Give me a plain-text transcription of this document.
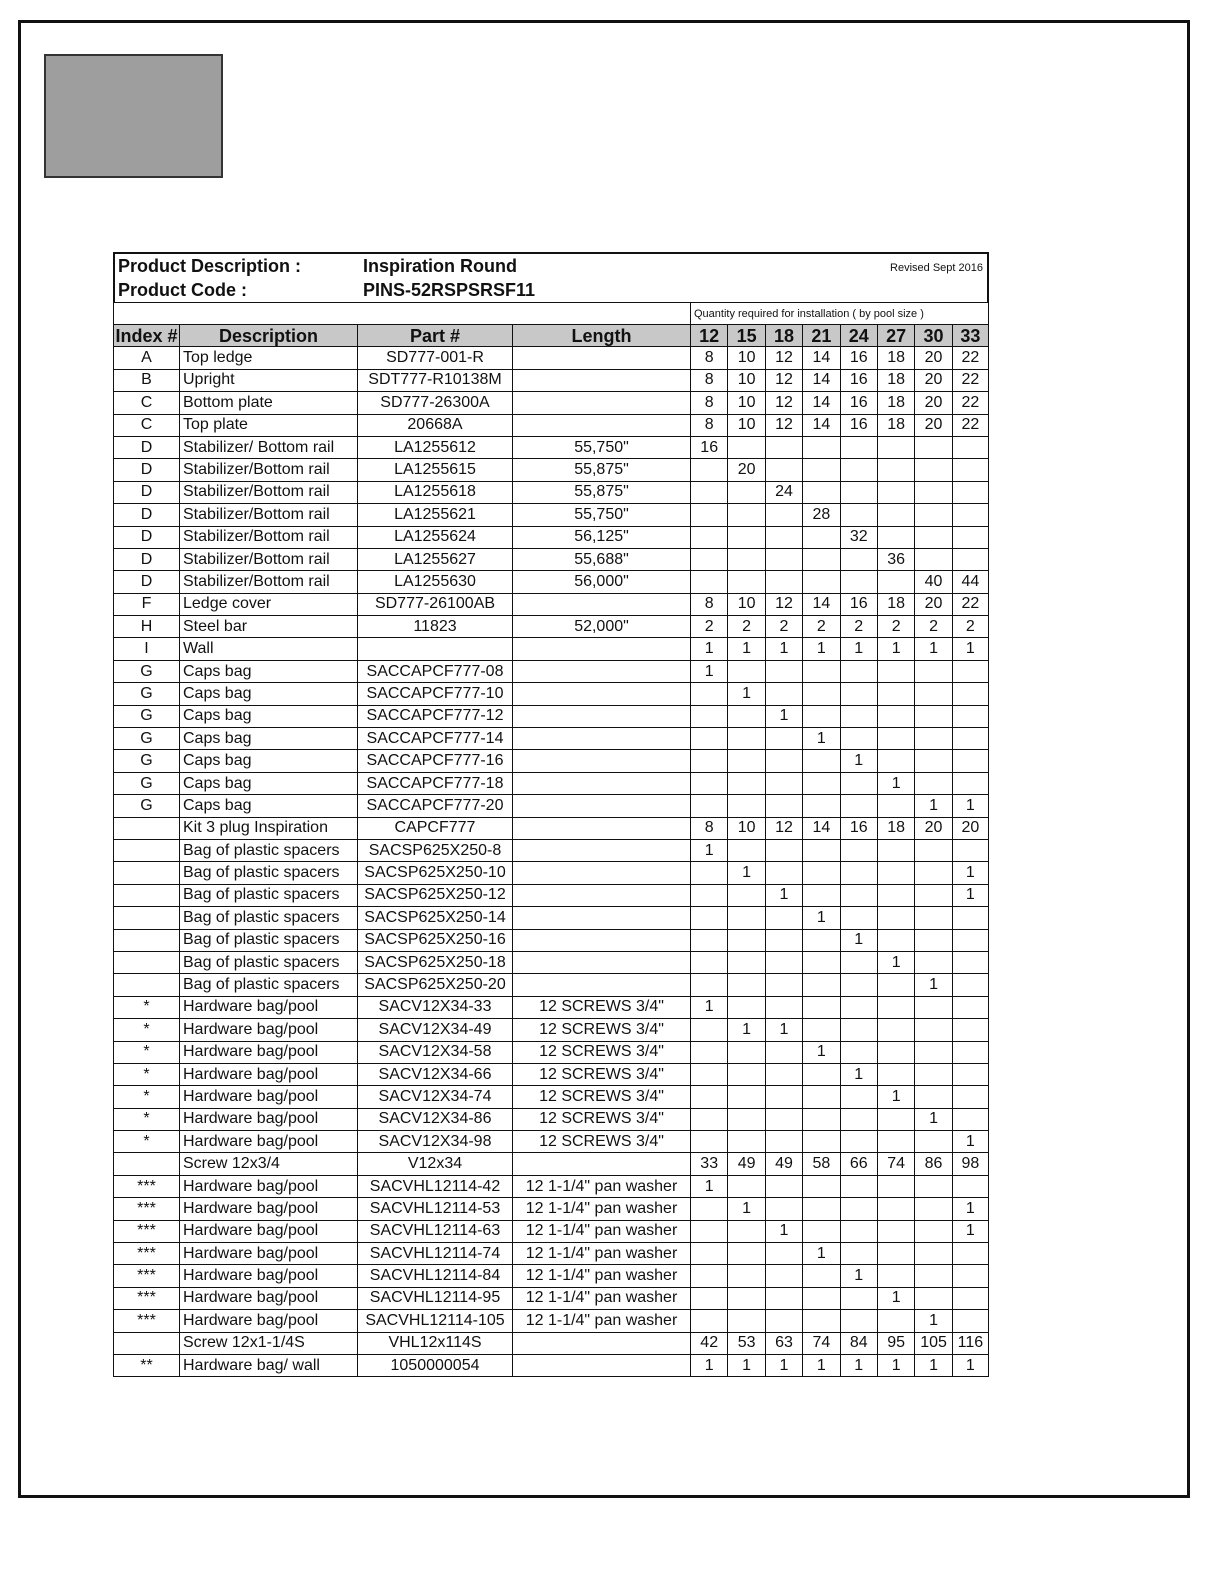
Product Description :	Inspiration Round	Revised Sept 2016
Product Code :	PINS-52RSPSRSF11
				Quantity required for installation ( by pool size )							
Index #	Description	Part #	Length	12	15	18	21	24	27	30	33
A	Top ledge	SD777-001-R		8	10	12	14	16	18	20	22
B	Upright	SDT777-R10138M		8	10	12	14	16	18	20	22
C	Bottom plate	SD777-26300A		8	10	12	14	16	18	20	22
C	Top plate	20668A		8	10	12	14	16	18	20	22
D	Stabilizer/ Bottom rail	LA1255612	55,750"	16							
D	Stabilizer/Bottom rail	LA1255615	55,875"		20						
D	Stabilizer/Bottom rail	LA1255618	55,875"			24					
D	Stabilizer/Bottom rail	LA1255621	55,750"				28				
D	Stabilizer/Bottom rail	LA1255624	56,125"					32			
D	Stabilizer/Bottom rail	LA1255627	55,688"						36		
D	Stabilizer/Bottom rail	LA1255630	56,000"							40	44
F	Ledge cover	SD777-26100AB		8	10	12	14	16	18	20	22
H	Steel bar	11823	52,000"	2	2	2	2	2	2	2	2
I	Wall			1	1	1	1	1	1	1	1
G	Caps bag	SACCAPCF777-08		1							
G	Caps bag	SACCAPCF777-10			1						
G	Caps bag	SACCAPCF777-12				1					
G	Caps bag	SACCAPCF777-14					1				
G	Caps bag	SACCAPCF777-16						1			
G	Caps bag	SACCAPCF777-18							1		
G	Caps bag	SACCAPCF777-20								1	1
	Kit 3 plug Inspiration	CAPCF777		8	10	12	14	16	18	20	20
	Bag of plastic spacers	SACSP625X250-8		1							
	Bag of plastic spacers	SACSP625X250-10			1						1
	Bag of plastic spacers	SACSP625X250-12				1					1
	Bag of plastic spacers	SACSP625X250-14					1				
	Bag of plastic spacers	SACSP625X250-16						1			
	Bag of plastic spacers	SACSP625X250-18							1		
	Bag of plastic spacers	SACSP625X250-20								1	
*	Hardware bag/pool	SACV12X34-33	12 SCREWS 3/4"	1							
*	Hardware bag/pool	SACV12X34-49	12 SCREWS 3/4"		1	1					
*	Hardware bag/pool	SACV12X34-58	12 SCREWS 3/4"				1				
*	Hardware bag/pool	SACV12X34-66	12 SCREWS 3/4"					1			
*	Hardware bag/pool	SACV12X34-74	12 SCREWS 3/4"						1		
*	Hardware bag/pool	SACV12X34-86	12 SCREWS 3/4"							1	
*	Hardware bag/pool	SACV12X34-98	12 SCREWS 3/4"								1
	Screw 12x3/4	V12x34		33	49	49	58	66	74	86	98
***	Hardware bag/pool	SACVHL12114-42	12 1-1/4" pan washer	1							
***	Hardware bag/pool	SACVHL12114-53	12 1-1/4" pan washer		1						1
***	Hardware bag/pool	SACVHL12114-63	12 1-1/4" pan washer			1					1
***	Hardware bag/pool	SACVHL12114-74	12 1-1/4" pan washer				1				
***	Hardware bag/pool	SACVHL12114-84	12 1-1/4" pan washer					1			
***	Hardware bag/pool	SACVHL12114-95	12 1-1/4" pan washer						1		
***	Hardware bag/pool	SACVHL12114-105	12 1-1/4" pan washer							1	
	Screw 12x1-1/4S	VHL12x114S		42	53	63	74	84	95	105	116
**	Hardware bag/ wall	1050000054		1	1	1	1	1	1	1	1
